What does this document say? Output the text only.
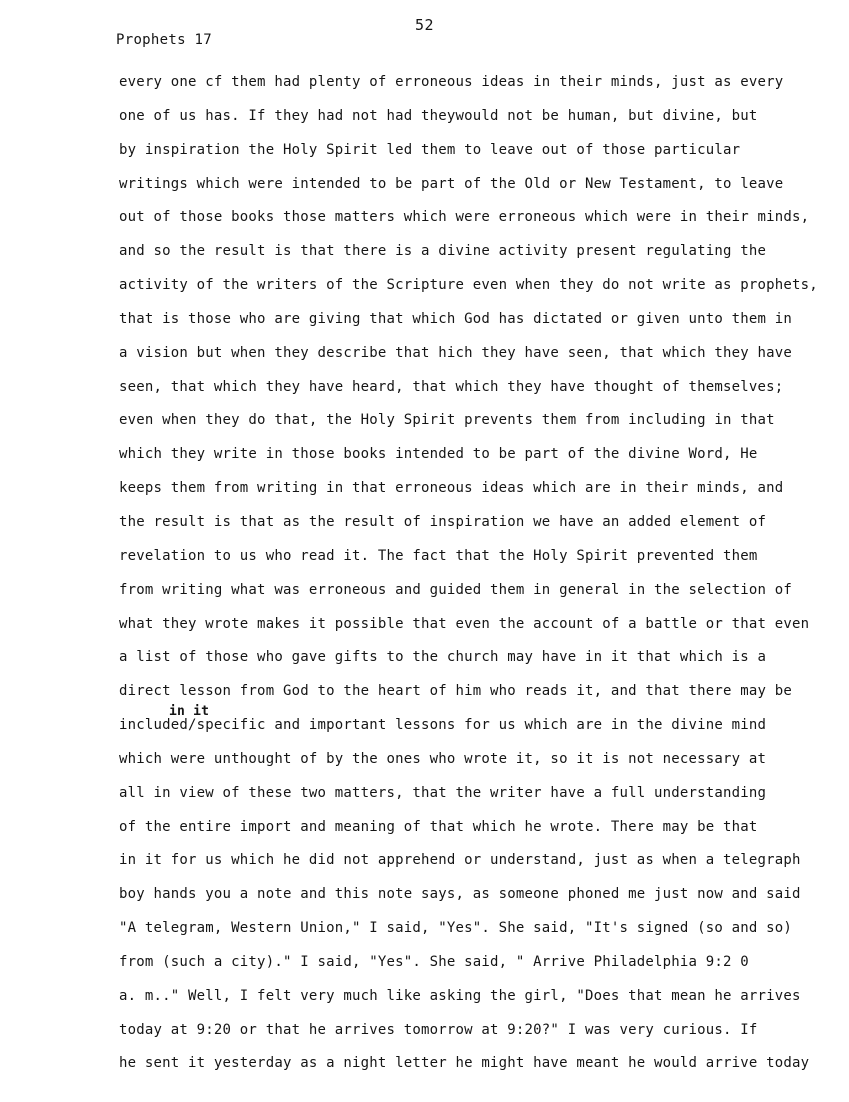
52
Prophets 17
every one cf them had plenty of erroneous ideas in their minds, just as every
one of us has. If they had not had theywould not be human, but divine, but
by inspiration the Holy Spirit led them to leave out of those particular
writings which were intended to be part of the Old or New Testament, to leave
out of those books those matters which were erroneous which were in their minds,
and so the result is that there is a divine activity present regulating the
activity of the writers of the Scripture even when they do not write as prophets,
that is those who are giving that which God has dictated or given unto them in
a vision but when they describe that hich they have seen, that which they have
seen, that which they have heard, that which they have thought of themselves;
even when they do that, the Holy Spirit prevents them from including in that
which they write in those books intended to be part of the divine Word, He
keeps them from writing in that erroneous ideas which are in their minds, and
the result is that as the result of inspiration we have an added element of
revelation to us who read it. The fact that the Holy Spirit prevented them
from writing what was erroneous and guided them in general in the selection of
what they wrote makes it possible that even the account of a battle or that even
a list of those who gave gifts to the church may have in it that which is a
direct lesson from God to the heart of him who reads it, and that there may be
in it
included/specific and important lessons for us which are in the divine mind
which were unthought of by the ones who wrote it, so it is not necessary at
all in view of these two matters, that the writer have a full understanding
of the entire import and meaning of that which he wrote. There may be that
in it for us which he did not apprehend or understand, just as when a telegraph
boy hands you a note and this note says, as someone phoned me just now and said
"A telegram, Western Union," I said, "Yes". She said, "It's signed (so and so)
from (such a city)." I said, "Yes". She said, " Arrive Philadelphia 9:2 0
a. m.." Well, I felt very much like asking the girl, "Does that mean he arrives
today at 9:20 or that he arrives tomorrow at 9:20?" I was very curious. If
he sent it yesterday as a night letter he might have meant he would arrive today
